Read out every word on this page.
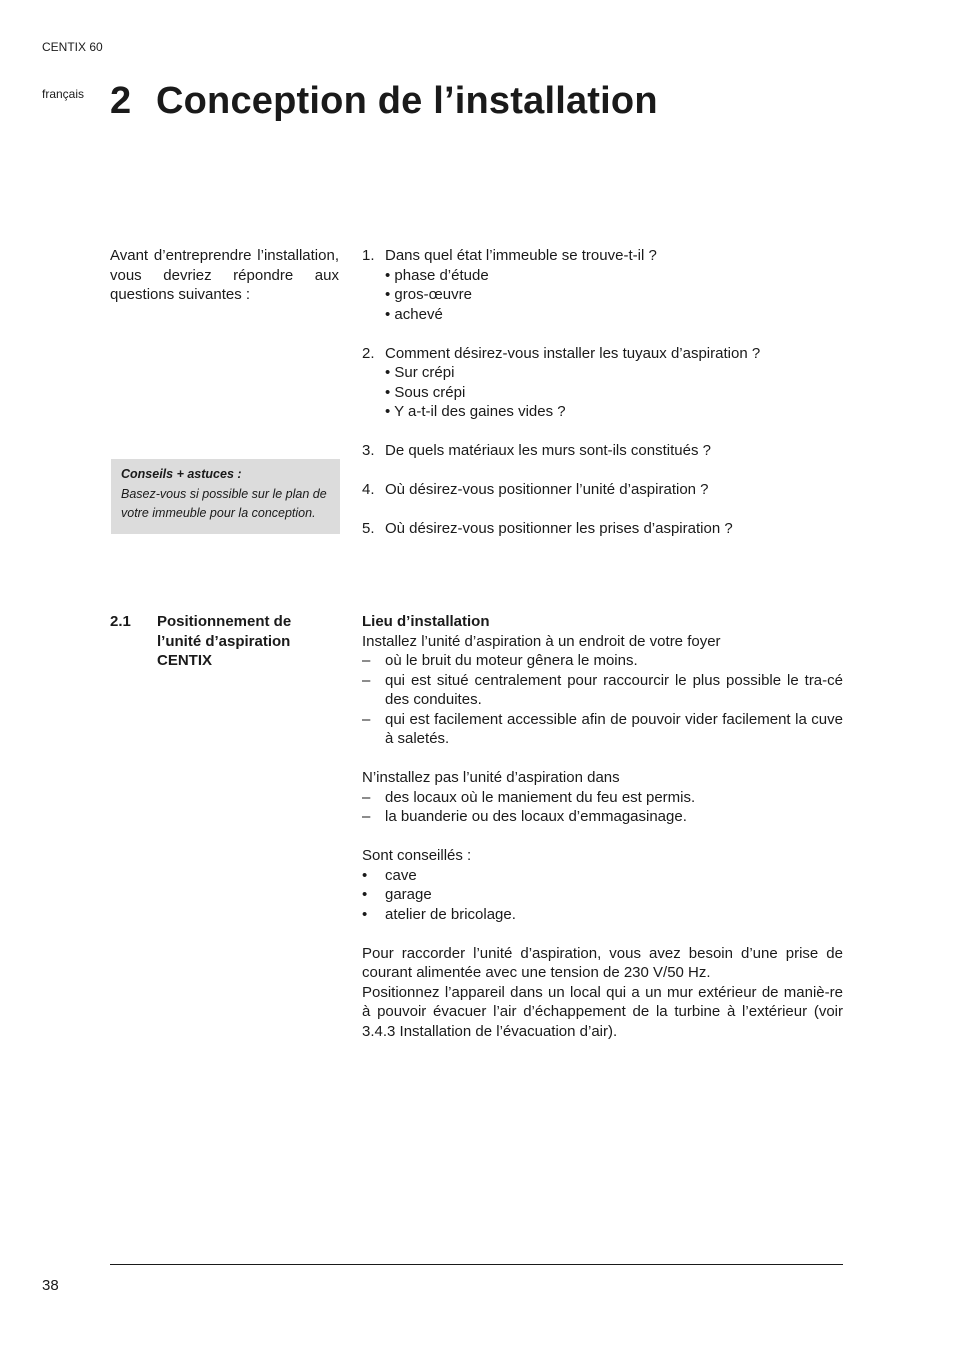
CENTIX 60
français 2 Conception de l’installation
Avant d’entreprendre l’installation, vous devriez répondre aux questions suivantes :
Conseils + astuces :
Basez-vous si possible sur le plan de votre immeuble pour la conception.
1. Dans quel état l’immeuble se trouve-t-il ?
• phase d’étude
• gros-œuvre
• achevé
2. Comment désirez-vous installer les tuyaux d’aspiration ?
• Sur crépi
• Sous crépi
• Y a-t-il des gaines vides ?
3. De quels matériaux les murs sont-ils constitués ?
4. Où désirez-vous positionner l’unité d’aspiration ?
5. Où désirez-vous positionner les prises d’aspiration ?
2.1 Positionnement de
l’unité d’aspiration
CENTIX
Lieu d’installation
Installez l’unité d’aspiration à un endroit de votre foyer
– où le bruit du moteur gênera le moins.
– qui est situé centralement pour raccourcir le plus possible le tra-cé des conduites.
– qui est facilement accessible afin de pouvoir vider facilement la cuve à saletés.
N’installez pas l’unité d’aspiration dans
– des locaux où le maniement du feu est permis.
– la buanderie ou des locaux d’emmagasinage.
Sont conseillés :
• cave
• garage
• atelier de bricolage.
Pour raccorder l’unité d’aspiration, vous avez besoin d’une prise de courant alimentée avec une tension de 230 V/50 Hz.
Positionnez l’appareil dans un local qui a un mur extérieur de maniè-re à pouvoir évacuer l’air d’échappement de la turbine à l’extérieur (voir 3.4.3 Installation de l’évacuation d’air).
38
